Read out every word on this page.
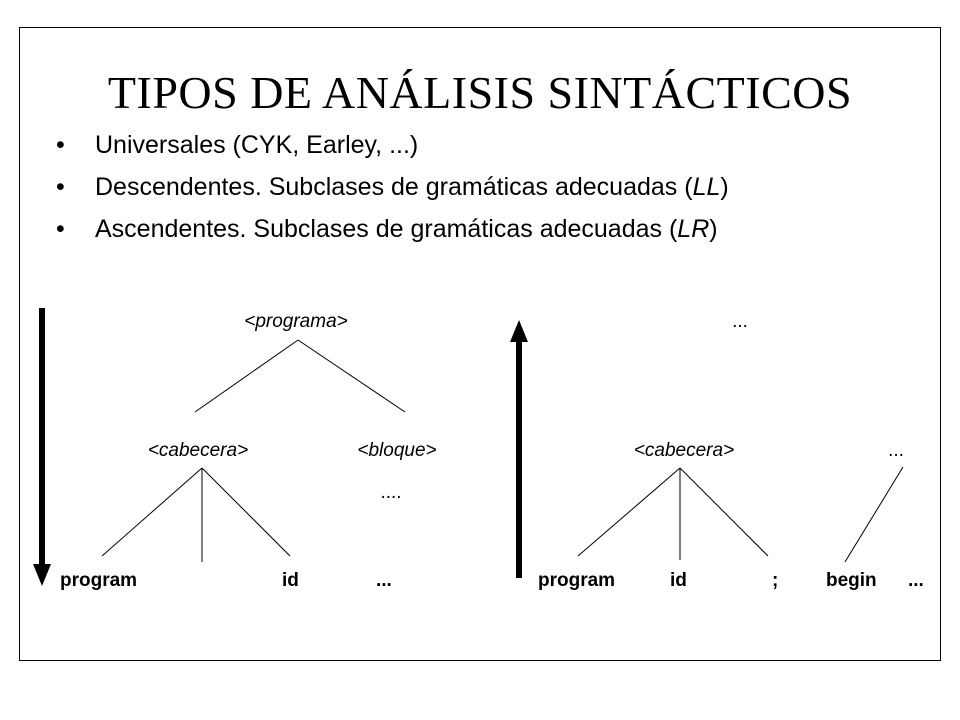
TIPOS DE ANÁLISIS SINTÁCTICOS
•	Universales (CYK, Earley, ...)
•	Descendentes. Subclases de gramáticas adecuadas (LL)
•	Ascendentes. Subclases de gramáticas adecuadas (LR)
<programa>
<cabecera>	<bloque>
....
program	id	...
...
<cabecera>	...
program	id	;	begin ...
